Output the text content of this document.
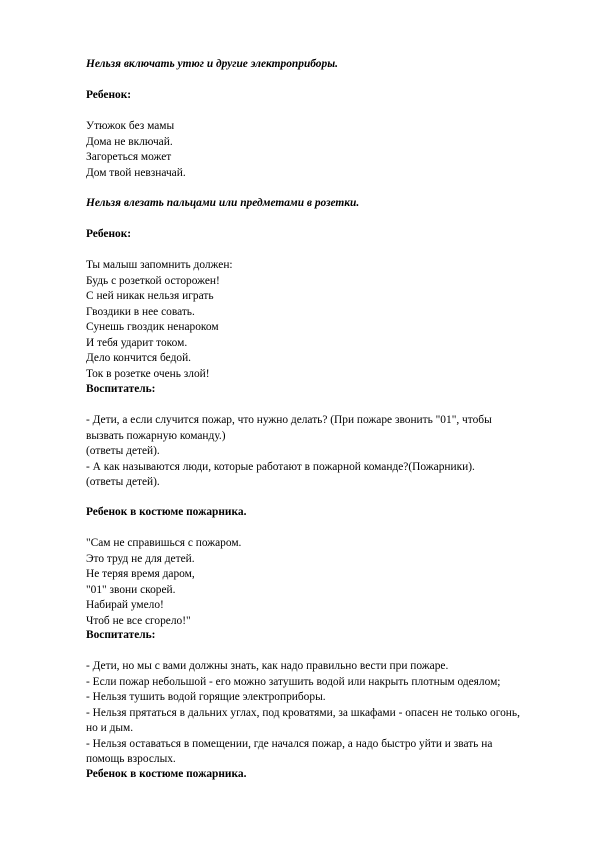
Нельзя включать утюг и другие электроприборы.

Ребенок:

Утюжок без мамы
Дома не включай.
Загореться может
Дом твой невзначай.

Нельзя влезать пальцами или предметами в розетки.

Ребенок:

Ты малыш запомнить должен:
Будь с розеткой осторожен!
С ней никак нельзя играть
Гвоздики в нее совать.
Сунешь гвоздик ненароком
И тебя ударит током.
Дело кончится бедой.
Ток в розетке очень злой!

Воспитатель:

- Дети, а если случится пожар, что нужно делать? (При пожаре звонить "01", чтобы вызвать пожарную команду.)
(ответы детей).
- А как называются люди, которые работают в пожарной команде?(Пожарники).
(ответы детей).

Ребенок в костюме пожарника.

"Сам не справишься с пожаром.
Это труд не для детей.
Не теряя время даром,
"01" звони скорей.
Набирай умело!
Чтоб не все сгорело!"

Воспитатель:

- Дети, но мы с вами должны знать, как надо правильно вести при пожаре.
- Если пожар небольшой - его можно затушить водой или накрыть плотным одеялом;
- Нельзя тушить водой горящие электроприборы.
- Нельзя прятаться в дальних углах, под кроватями, за шкафами - опасен не только огонь, но и дым.
- Нельзя оставаться в помещении, где начался пожар, а надо быстро уйти и звать на помощь взрослых.

Ребенок в костюме пожарника.
